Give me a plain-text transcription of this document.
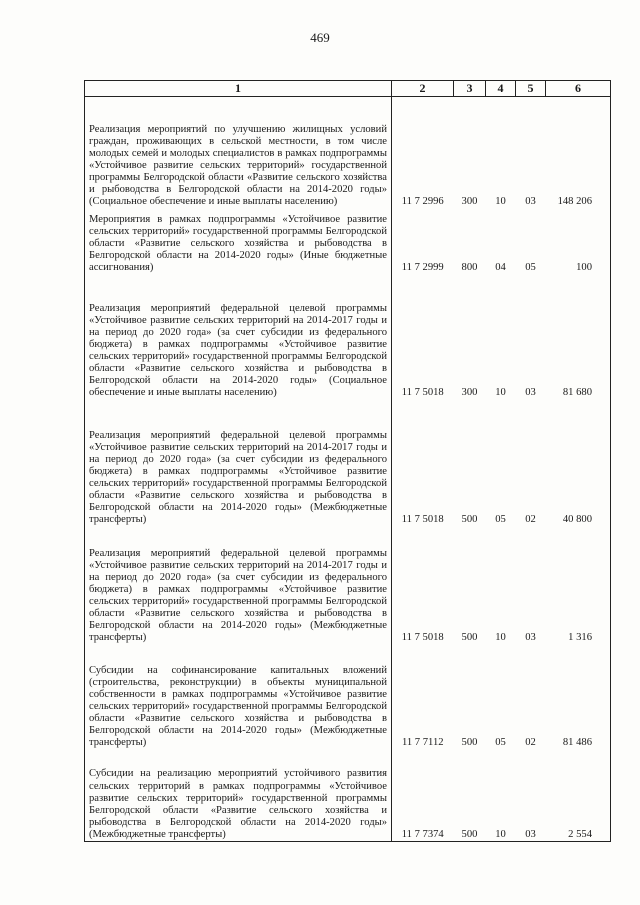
469
1	2	3	4	5	6
Реализация мероприятий по улучшению жилищных условий граждан, проживающих в сельской местности, в том числе молодых семей и молодых специалистов в рамках подпрограммы «Устойчивое развитие сельских территорий» государственной программы Белгородской области «Развитие сельского хозяйства и рыбоводства в Белгородской области на 2014-2020 годы» (Социальное обеспечение и иные выплаты населению)	11 7 2996	300	10	03	148 206
Мероприятия в рамках подпрограммы «Устойчивое развитие сельских территорий» государственной программы Белгородской области «Развитие сельского хозяйства и рыбоводства в Белгородской области на 2014-2020 годы» (Иные бюджетные ассигнования)	11 7 2999	800	04	05	100
Реализация мероприятий федеральной целевой программы «Устойчивое развитие сельских территорий на 2014-2017 годы и на период до 2020 года» (за счет субсидии из федерального бюджета) в рамках подпрограммы «Устойчивое развитие сельских территорий» государственной программы Белгородской области «Развитие сельского хозяйства и рыбоводства в Белгородской области на 2014-2020 годы» (Социальное обеспечение и иные выплаты населению)	11 7 5018	300	10	03	81 680
Реализация мероприятий федеральной целевой программы «Устойчивое развитие сельских территорий на 2014-2017 годы и на период до 2020 года» (за счет субсидии из федерального бюджета) в рамках подпрограммы «Устойчивое развитие сельских территорий» государственной программы Белгородской области «Развитие сельского хозяйства и рыбоводства в Белгородской области на 2014-2020 годы» (Межбюджетные трансферты)	11 7 5018	500	05	02	40 800
Реализация мероприятий федеральной целевой программы «Устойчивое развитие сельских территорий на 2014-2017 годы и на период до 2020 года» (за счет субсидии из федерального бюджета) в рамках подпрограммы «Устойчивое развитие сельских территорий» государственной программы Белгородской области «Развитие сельского хозяйства и рыбоводства в Белгородской области на 2014-2020 годы» (Межбюджетные трансферты)	11 7 5018	500	10	03	1 316
Субсидии на софинансирование капитальных вложений (строительства, реконструкции) в объекты муниципальной собственности в рамках подпрограммы «Устойчивое развитие сельских территорий» государственной программы Белгородской области «Развитие сельского хозяйства и рыбоводства в Белгородской области на 2014-2020 годы» (Межбюджетные трансферты)	11 7 7112	500	05	02	81 486
Субсидии на реализацию мероприятий устойчивого развития сельских территорий в рамках подпрограммы «Устойчивое развитие сельских территорий» государственной программы Белгородской области «Развитие сельского хозяйства и рыбоводства в Белгородской области на 2014-2020 годы» (Межбюджетные трансферты)	11 7 7374	500	10	03	2 554
